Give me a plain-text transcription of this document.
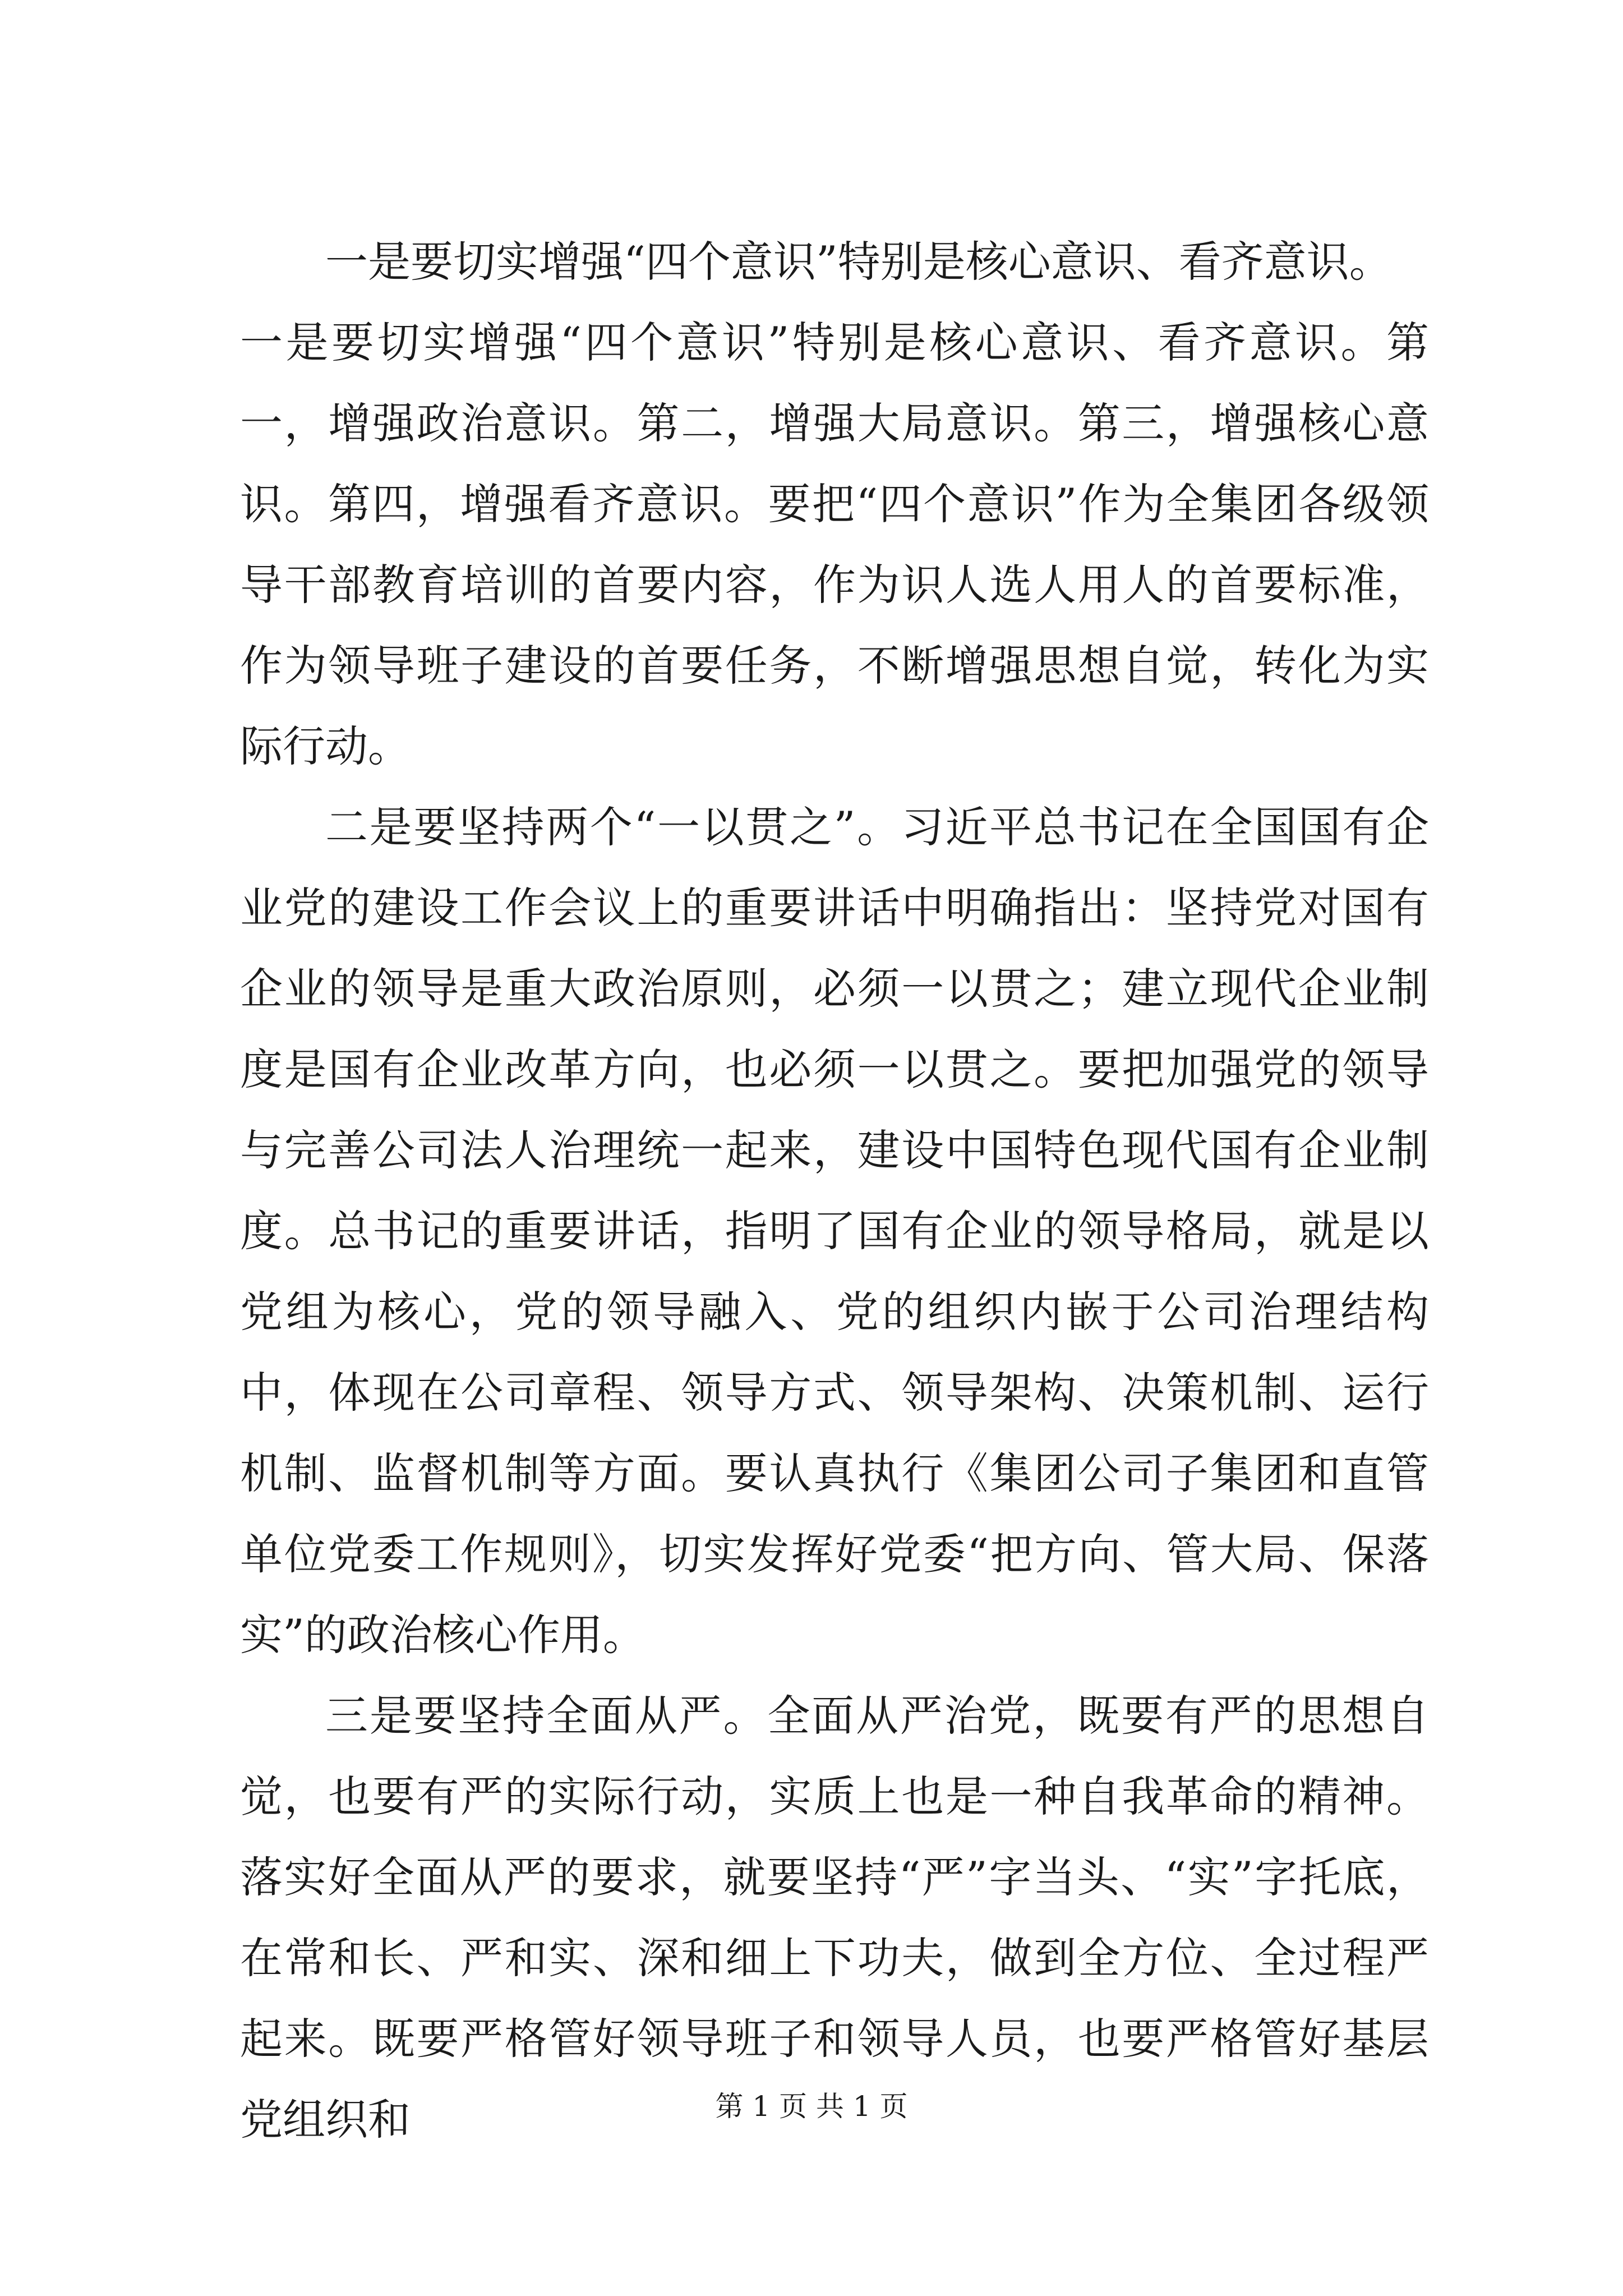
一是要切实增强“四个意识”特别是核心意识、看齐意识。

一是要切实增强“四个意识”特别是核心意识、看齐意识。第一，增强政治意识。第二，增强大局意识。第三，增强核心意识。第四，增强看齐意识。要把“四个意识”作为全集团各级领导干部教育培训的首要内容，作为识人选人用人的首要标准，作为领导班子建设的首要任务，不断增强思想自觉，转化为实际行动。

二是要坚持两个“一以贯之”。习近平总书记在全国国有企业党的建设工作会议上的重要讲话中明确指出：坚持党对国有企业的领导是重大政治原则，必须一以贯之；建立现代企业制度是国有企业改革方向，也必须一以贯之。要把加强党的领导与完善公司法人治理统一起来，建设中国特色现代国有企业制度。总书记的重要讲话，指明了国有企业的领导格局，就是以党组为核心，党的领导融入、党的组织内嵌于公司治理结构中，体现在公司章程、领导方式、领导架构、决策机制、运行机制、监督机制等方面。要认真执行《集团公司子集团和直管单位党委工作规则》，切实发挥好党委“把方向、管大局、保落实”的政治核心作用。

三是要坚持全面从严。全面从严治党，既要有严的思想自觉，也要有严的实际行动，实质上也是一种自我革命的精神。落实好全面从严的要求，就要坚持“严”字当头、“实”字托底，在常和长、严和实、深和细上下功夫，做到全方位、全过程严起来。既要严格管好领导班子和领导人员，也要严格管好基层党组织和	第 1 页 共 1 页
